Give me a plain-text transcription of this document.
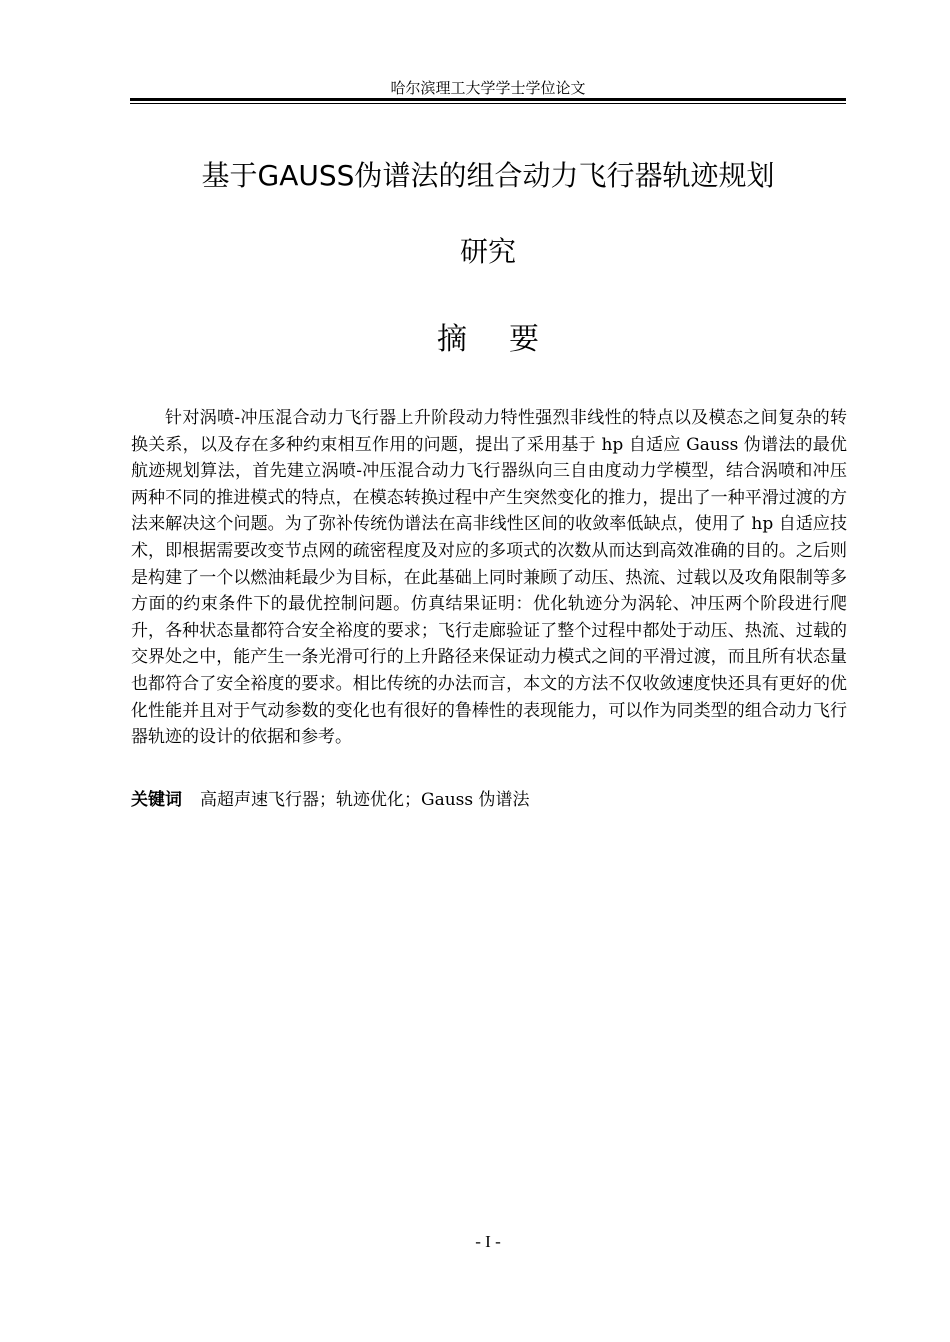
哈尔滨理工大学学士学位论文
基于GAUSS伪谱法的组合动力飞行器轨迹规划
研究
摘 要

针对涡喷-冲压混合动力飞行器上升阶段动力特性强烈非线性的特点以及模态之间复杂的转换关系，以及存在多种约束相互作用的问题，提出了采用基于 hp 自适应 Gauss 伪谱法的最优航迹规划算法，首先建立涡喷-冲压混合动力飞行器纵向三自由度动力学模型，结合涡喷和冲压两种不同的推进模式的特点，在模态转换过程中产生突然变化的推力，提出了一种平滑过渡的方法来解决这个问题。为了弥补传统伪谱法在高非线性区间的收敛率低缺点，使用了 hp 自适应技术，即根据需要改变节点网的疏密程度及对应的多项式的次数从而达到高效准确的目的。之后则是构建了一个以燃油耗最少为目标，在此基础上同时兼顾了动压、热流、过载以及攻角限制等多方面的约束条件下的最优控制问题。仿真结果证明：优化轨迹分为涡轮、冲压两个阶段进行爬升，各种状态量都符合安全裕度的要求；飞行走廊验证了整个过程中都处于动压、热流、过载的交界处之中，能产生一条光滑可行的上升路径来保证动力模式之间的平滑过渡，而且所有状态量也都符合了安全裕度的要求。相比传统的办法而言，本文的方法不仅收敛速度快还具有更好的优化性能并且对于气动参数的变化也有很好的鲁棒性的表现能力，可以作为同类型的组合动力飞行器轨迹的设计的依据和参考。

关键词 高超声速飞行器；轨迹优化；Gauss 伪谱法
- I -
